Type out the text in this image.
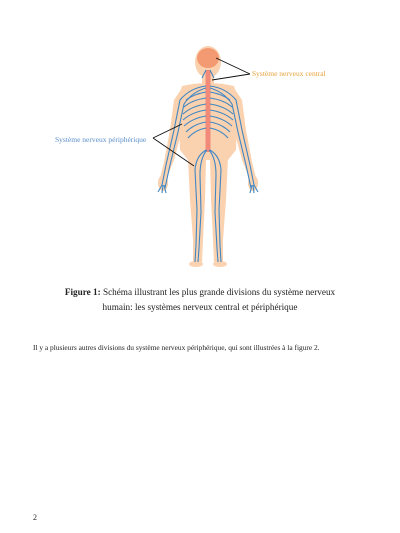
Système nerveux central
Système nerveux périphérique
Figure 1: Schéma illustrant les plus grande divisions du système nerveux
humain: les systèmes nerveux central et périphérique
Il y a plusieurs autres divisions du système nerveux périphérique, qui sont illustrées à la figure 2.
2
